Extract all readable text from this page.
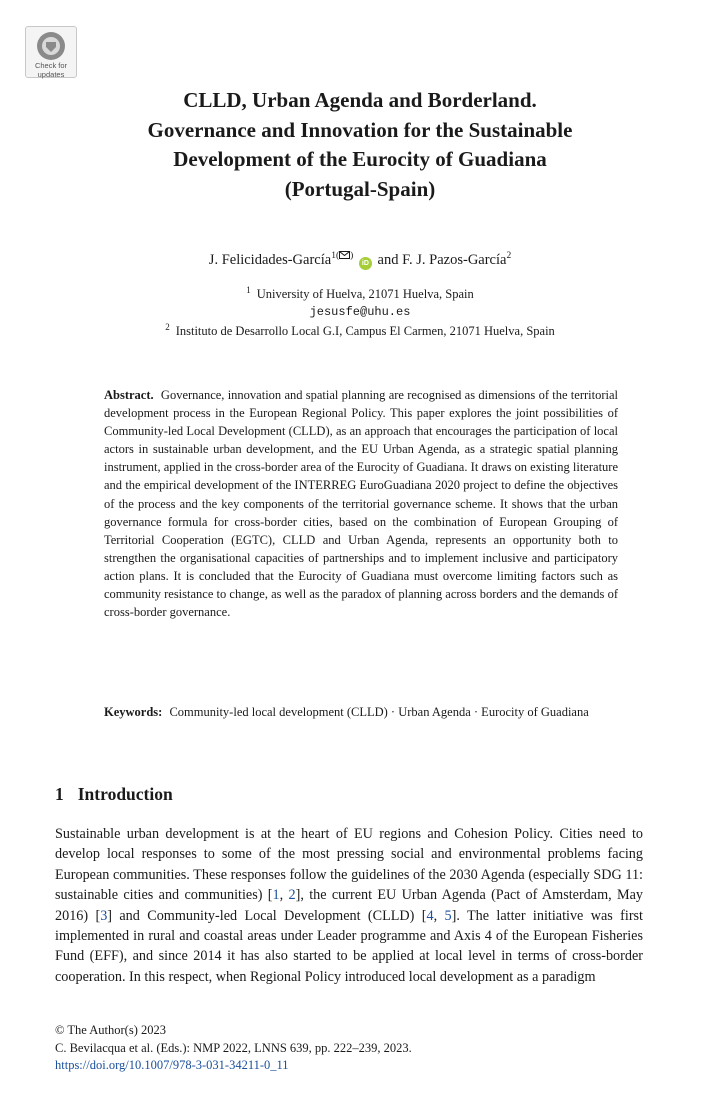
Check for
updates
CLLD, Urban Agenda and Borderland.
Governance and Innovation for the Sustainable
Development of the Eurocity of Guadiana
(Portugal-Spain)
J. Felicidades-García$^{1( )}$ iD and F. J. Pazos-García$^2$
$^1$ University of Huelva, 21071 Huelva, Spain
jesusfe@uhu.es
$^2$ Instituto de Desarrollo Local G.I, Campus El Carmen, 21071 Huelva, Spain

Abstract. Governance, innovation and spatial planning are recognised as dimensions of the territorial development process in the European Regional Policy. This paper explores the joint possibilities of Community-led Local Development (CLLD), as an approach that encourages the participation of local actors in sustainable urban development, and the EU Urban Agenda, as a strategic spatial planning instrument, applied in the cross-border area of the Eurocity of Guadiana. It draws on existing literature and the empirical development of the INTERREG EuroGuadiana 2020 project to define the objectives of the process and the key components of the territorial governance scheme. It shows that the urban governance formula for cross-border cities, based on the combination of European Grouping of Territorial Cooperation (EGTC), CLLD and Urban Agenda, represents an opportunity both to strengthen the organisational capacities of partnerships and to implement inclusive and participatory action plans. It is concluded that the Eurocity of Guadiana must overcome limiting factors such as community resistance to change, as well as the paradox of planning across borders and the demands of cross-border governance.

Keywords: Community-led local development (CLLD) · Urban Agenda · Eurocity of Guadiana

1 Introduction

Sustainable urban development is at the heart of EU regions and Cohesion Policy. Cities need to develop local responses to some of the most pressing social and environmental problems facing European communities. These responses follow the guidelines of the 2030 Agenda (especially SDG 11: sustainable cities and communities) [1, 2], the current EU Urban Agenda (Pact of Amsterdam, May 2016) [3] and Community-led Local Development (CLLD) [4, 5]. The latter initiative was first implemented in rural and coastal areas under Leader programme and Axis 4 of the European Fisheries Fund (EFF), and since 2014 it has also started to be applied at local level in terms of cross-border cooperation. In this respect, when Regional Policy introduced local development as a paradigm

© The Author(s) 2023
C. Bevilacqua et al. (Eds.): NMP 2022, LNNS 639, pp. 222–239, 2023.
https://doi.org/10.1007/978-3-031-34211-0_11
